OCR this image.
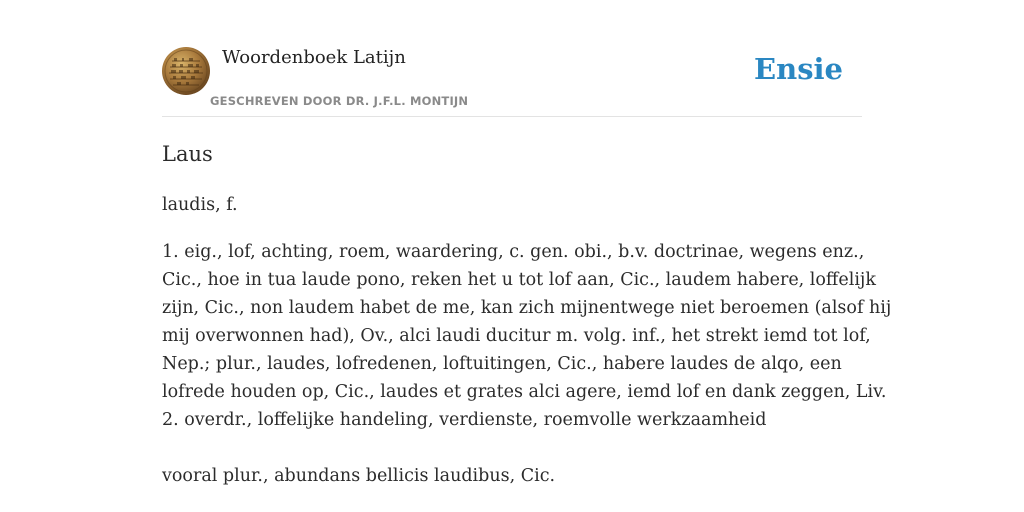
Woordenboek Latijn
GESCHREVEN DOOR DR. J.F.L. MONTIJN
Ensie
Laus

laudis, f.

1. eig., lof, achting, roem, waardering, c. gen. obi., b.v. doctrinae, wegens enz.,
Cic., hoe in tua laude pono, reken het u tot lof aan, Cic., laudem habere, loffelijk
zijn, Cic., non laudem habet de me, kan zich mijnentwege niet beroemen (alsof hij
mij overwonnen had), Ov., alci laudi ducitur m. volg. inf., het strekt iemd tot lof,
Nep.; plur., laudes, lofredenen, loftuitingen, Cic., habere laudes de alqo, een
lofrede houden op, Cic., laudes et grates alci agere, iemd lof en dank zeggen, Liv.
2. overdr., loffelijke handeling, verdienste, roemvolle werkzaamheid
vooral plur., abundans bellicis laudibus, Cic.
